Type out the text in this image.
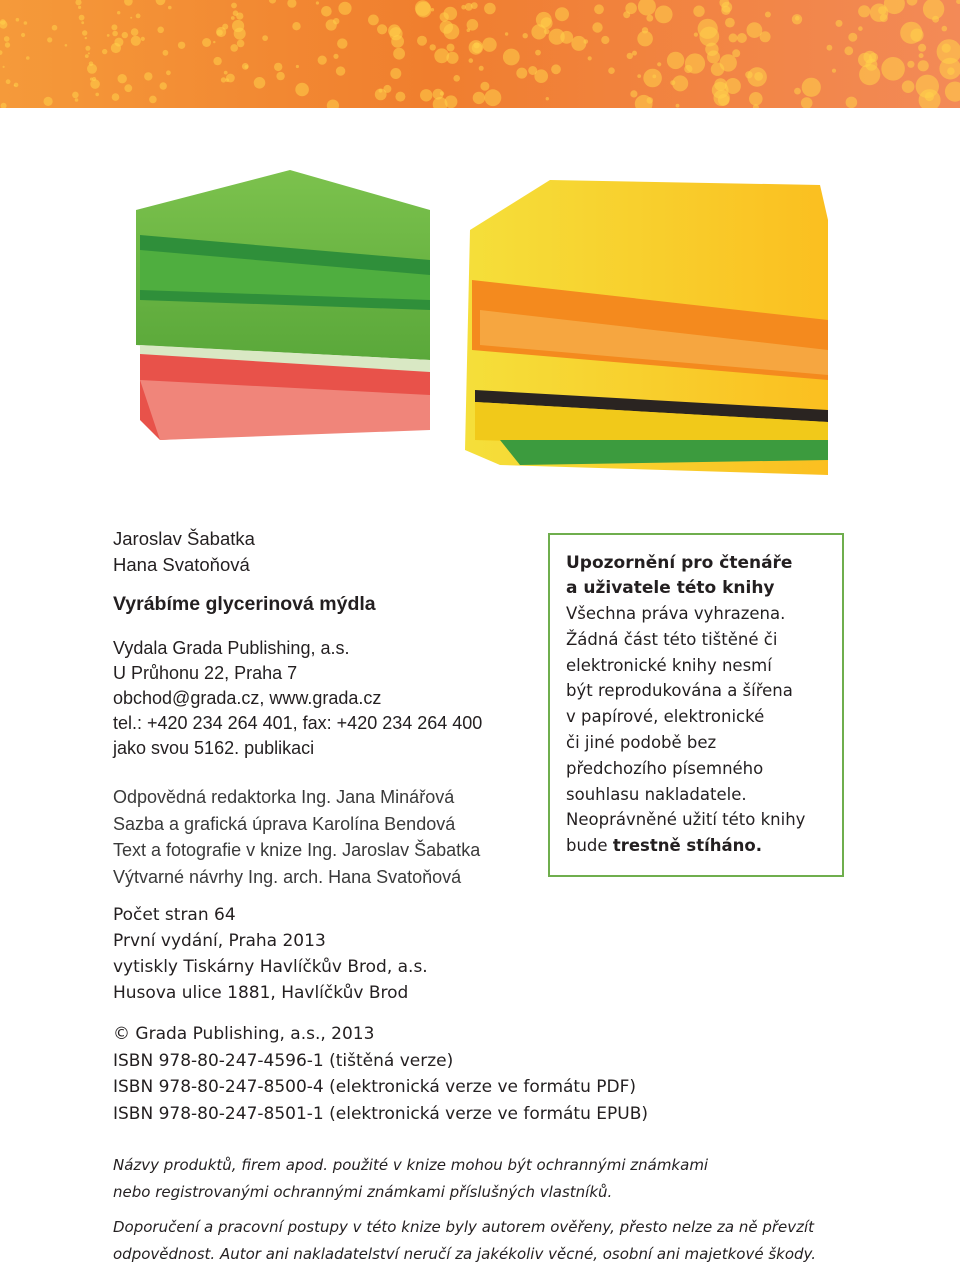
Jaroslav Šabatka
Hana Svatoňová
Vyrábíme glycerinová mýdla
Vydala Grada Publishing, a.s.
U Průhonu 22, Praha 7
obchod@grada.cz, www.grada.cz
tel.: +420 234 264 401, fax: +420 234 264 400
jako svou 5162. publikaci
Odpovědná redaktorka Ing. Jana Minářová
Sazba a grafická úprava Karolína Bendová
Text a fotografie v knize Ing. Jaroslav Šabatka
Výtvarné návrhy Ing. arch. Hana Svatoňová
Počet stran 64
První vydání, Praha 2013
vytiskly Tiskárny Havlíčkův Brod, a.s.
Husova ulice 1881, Havlíčkův Brod
© Grada Publishing, a.s., 2013
ISBN 978-80-247-4596-1 (tištěná verze)
ISBN 978-80-247-8500-4 (elektronická verze ve formátu PDF)
ISBN 978-80-247-8501-1 (elektronická verze ve formátu EPUB)
Názvy produktů, firem apod. použité v knize mohou být ochrannými známkami
nebo registrovanými ochrannými známkami příslušných vlastníků.
Doporučení a pracovní postupy v této knize byly autorem ověřeny, přesto nelze za ně převzít
odpovědnost. Autor ani nakladatelství neručí za jakékoliv věcné, osobní ani majetkové škody.
Upozornění pro čtenáře
a uživatele této knihy
Všechna práva vyhrazena.
Žádná část této tištěné či
elektronické knihy nesmí
být reprodukována a šířena
v papírové, elektronické
či jiné podobě bez
předchozího písemného
souhlasu nakladatele.
Neoprávněné užití této knihy
bude trestně stíháno.
